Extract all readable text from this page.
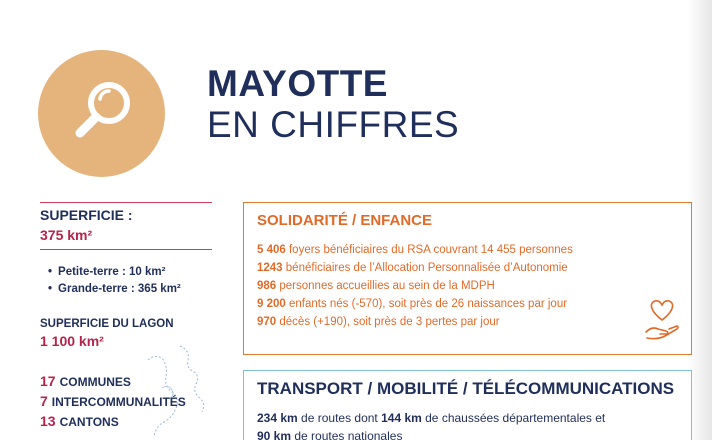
MAYOTTE
EN CHIFFRES
SUPERFICIE :
375 km²
• Petite-terre : 10 km²
• Grande-terre : 365 km²
SUPERFICIE DU LAGON
1 100 km²
17 COMMUNES
7 INTERCOMMUNALITÉS
13 CANTONS
SOLIDARITÉ / ENFANCE
5 406 foyers bénéficiaires du RSA couvrant 14 455 personnes
1243 bénéficiaires de l’Allocation Personnalisée d’Autonomie
986 personnes accueillies au sein de la MDPH
9 200 enfants nés (-570), soit près de 26 naissances par jour
970 décès (+190), soit près de 3 pertes par jour
TRANSPORT / MOBILITÉ / TÉLÉCOMMUNICATIONS
234 km de routes dont 144 km de chaussées départementales et
90 km de routes nationales
